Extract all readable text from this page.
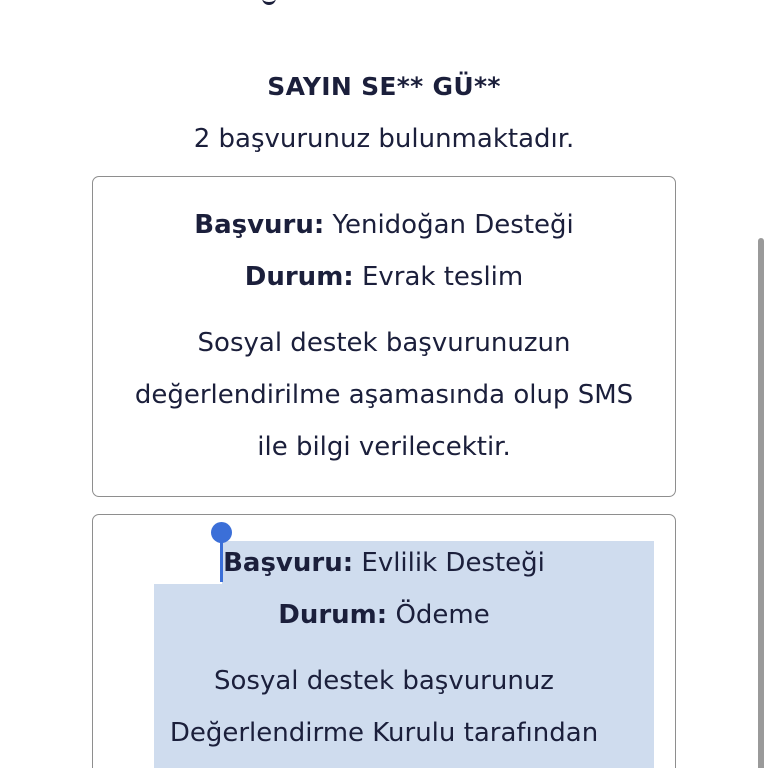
SAYIN SE** GÜ**
2 başvurunuz bulunmaktadır.
Başvuru: Yenidoğan Desteği
Durum: Evrak teslim
Sosyal destek başvurunuzun
değerlendirilme aşamasında olup SMS
ile bilgi verilecektir.
Başvuru: Evlilik Desteği
Durum: Ödeme
Sosyal destek başvurunuz
Değerlendirme Kurulu tarafından
